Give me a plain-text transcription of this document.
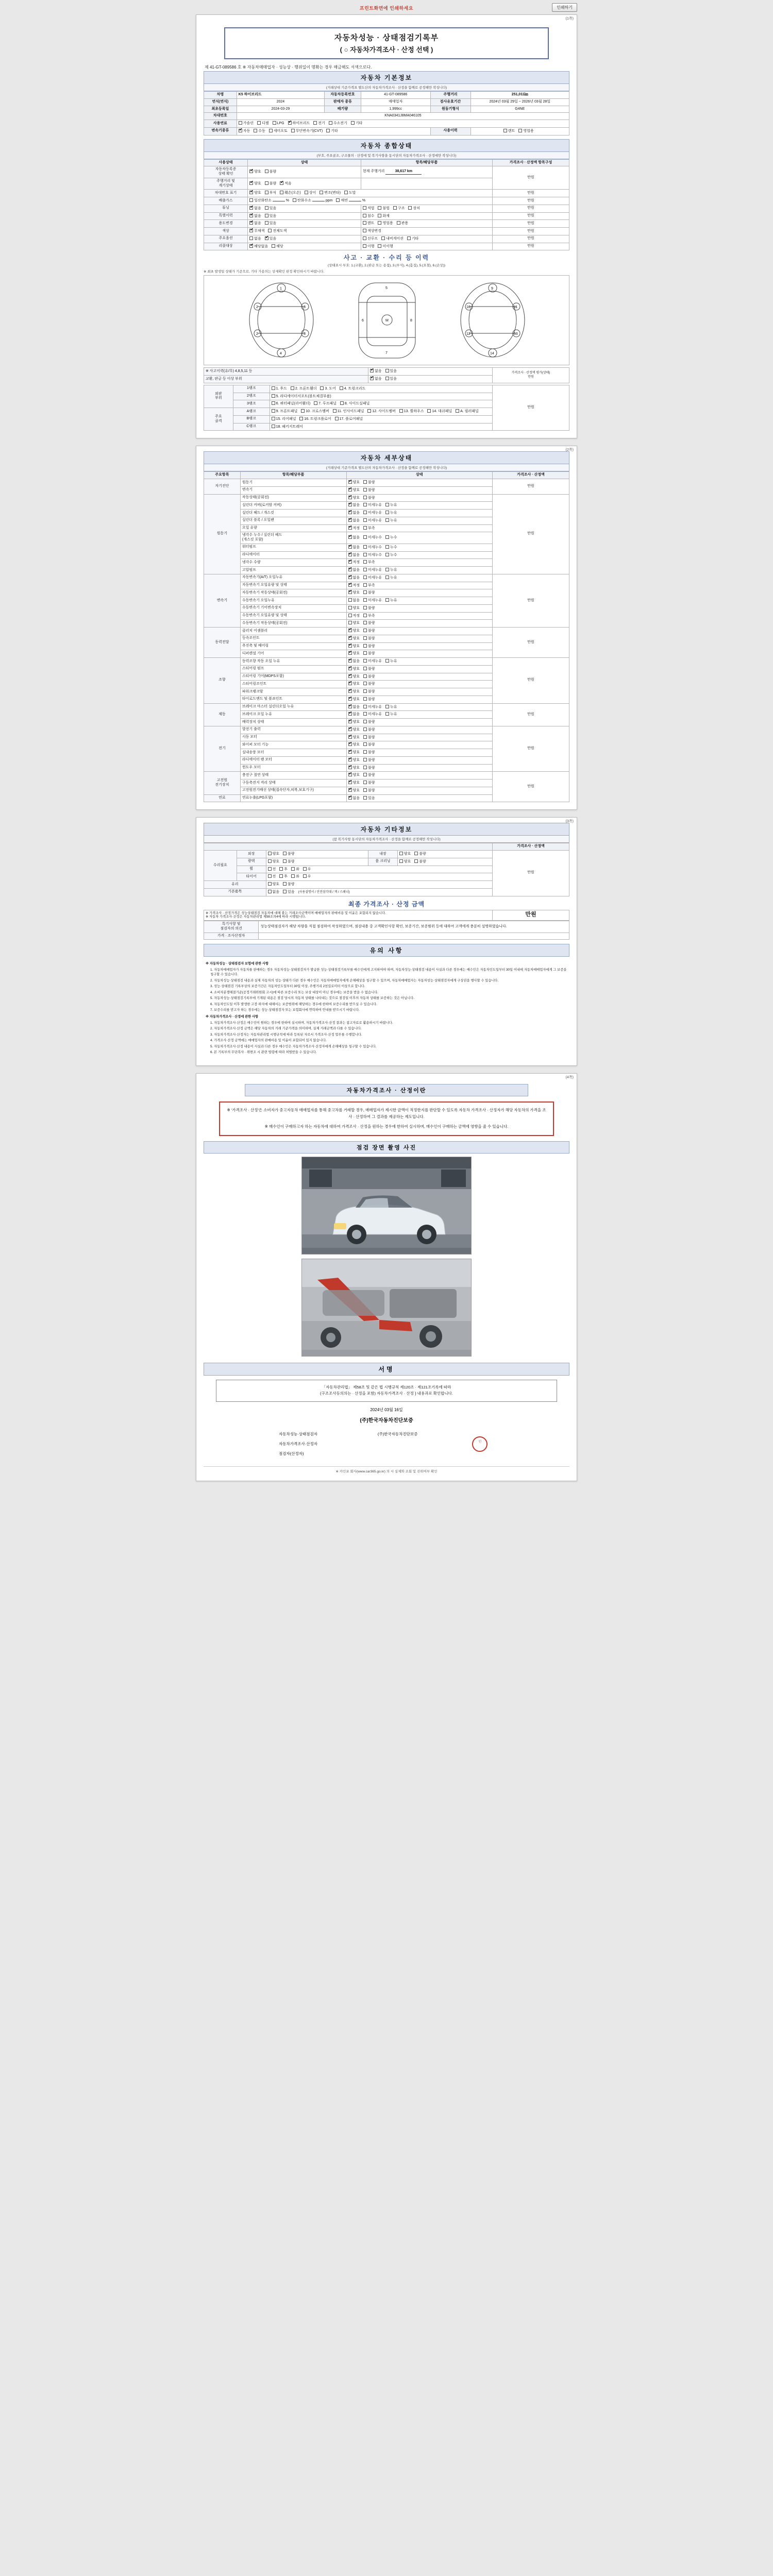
프린트화면에 인쇄하세요	인쇄하기
(1쪽)
자동차성능 · 상태점검기록부
( ○ 자동차가격조사 · 산정 선택 )
제 41-GT-089586 호 ※ 자동차매매업자 · 성능상 · 행위일이 명확는 경우 해금해도 서색으로다.
자동차 기본정보
(거래상대 기준가격표 별도산의 자동차가격조사 · 산정을 함께로 공정해만 작성니다)
차명	K5 하이브리드	자동차등록번호	41-GT-089586	주행거리	251,011㎞
연식(연식)	2024	판매자 종류	매매업자	검사유효기간	2024년 03월 29일 ~ 2026년 03월 28일
최초등록일	2024-03-29	배기량	1,999cc	원동기형식	G4NE
차대번호	KNA0341J8MA046105				
사용연료	가솔린 디젤 LPG ✔ 하이브리드 전기 수소전기 기타
변속기종류	✔자동 수동 세미오토 무단변속기(CVT) 기타			사용이력	렌트 영업용
자동차 종합상태
(부호, 주요골조, 구조물의 · 산정에 및 복기사항을 동시단의 자동차가격조사 · 산정에만 작성니다)
사용상태	상태	항목/해당부품	가격조사 · 산정액 항목구성
자동차등록증
상태 확인	✔양호 불량	현재 주행거리 38,617 km	만원
주행거리 및
계기상태	✔양호 불량 ✔ 적음	
차대번호 표기	✔양호 부식 훼손(오손) 상이 변조(변타) 도말		만원
배출가스	일산화탄소 % 탄화수소 ppm 매연 %		만원
튜닝	✔없음 있음	적법 불법 구조 장치	만원
특별이력	✔없음 있음	침수 화재	만원
용도변경	✔없음 있음	렌트 영업용 관용	만원
색상	✔무채색 전체도색	색상변경	만원
주요옵션	없음 ✔ 있음	선루프 내비게이션 기타	만원
리콜대상	✔해당없음 해당	이행 미이행	만원
사고 · 교환 · 수리 등 이력
(상태표시 부호: 1.(교환), 2.(판금 또는 용접), 3.(부식), 4.(흠집), 5.(요철), 6.(손상))
※ 최초 발생일 상태가 기준으로, 기타 가용의는 상세확인 판정 확인하시기 바랍니다.
1
2	3
2	3
4
M
5
7
6	8
9
10	11
12	13
14
※ 사고이력(유/무) 4,8,5,11 등	✔없음 있음	가격조사 · 산정액 평가(상태)
만원

교환, 판금 등 이상 부위	✔없음 있음
외판
부위	1랭크	1. 후드 2. 프론트휀더 3. 도어 4. 트렁크리드	만원
	2랭크	5. 라디에이터서포트(볼트체결부품)	
	3랭크	6. 쿼터패널(리어휀더) 7. 루프패널 8. 사이드실패널	
주요
골격	A랭크	9. 프론트패널 10. 크로스멤버 11. 인사이드패널 12. 사이드멤버 13. 휠하우스 14. 대쉬패널 A. 필러패널	
	B랭크	15. 리어패널 16. 트렁크플로어 17. 플로어패널	
	C랭크	18. 패키지트레이	
(2쪽)
자동차 세부상태
(거래상대 기준가격표 별도산의 자동차가격조사 · 산정을 함께로 공정해만 작성니다)
주요항목	항목/해당부품	상태	가격조사 · 산정액
자기진단	원동기	✔양호 불량	만원
	변속기	✔양호 불량
원동기	작동상태(공회전)	✔양호 불량	만원
	실린더 커버(로커암 커버)	✔없음 미세누유 누유
	실린더 헤드 / 개스킷	✔없음 미세누유 누유
	실린더 블록 / 오일팬	✔없음 미세누유 누유
	오일 유량	✔적정 부족
	냉각수 누수 / 실린더 헤드
(개스킷 포함)	✔없음 미세누수 누수
	워터펌프	✔없음 미세누수 누수
	라디에이터	✔없음 미세누수 누수
	냉각수 수량	✔적정 부족
	고압펌프	✔없음 미세누유 누유
변속기	자동변속기(A/T) 오일누유	✔없음 미세누유 누유	만원
	자동변속기 오일유량 및 상태	✔적정 부족
	자동변속기 작동상태(공회전)	✔양호 불량
	수동변속기 오일누유	없음 미세누유 누유	
	수동변속기 기어변속장치	양호 불량	
	수동변속기 오일유량 및 상태	적정 부족	
	수동변속기 작동상태(공회전)	양호 불량	
동력전달	클러치 어셈블리	✔양호 불량	만원
	등속조인트	✔양호 불량
	추진축 및 베어링	✔양호 불량
	디퍼렌셜 기어	✔양호 불량
조향	동력조향 작동 오일 누유	✔없음 미세누유 누유	만원
	스티어링 펌프	✔양호 불량
	스티어링 기어(MDPS포함)	✔양호 불량
	스티어링조인트	✔양호 불량
	파워크랭크암	✔양호 불량
	타이로드엔드 및 볼죠인트	✔양호 불량
제동	브레이크 마스터 실린더오일 누유	✔없음 미세누유 누유	만원
	브레이크 오일 누유	✔없음 미세누유 누유
	배력장치 상태	✔양호 불량
전기	발전기 출력	✔양호 불량	만원
	시동 모터	✔양호 불량
	와이퍼 모터 기능	✔양호 불량
	실내송풍 모터	✔양호 불량
	라디에이터 팬 모터	✔양호 불량
	윈도우 모터	✔양호 불량
고전원
전기장치	충전구 절연 상태	✔양호 불량	만원
	구동축전지 격리 상태	✔양호 불량
	고전원전기배선 상태(접속단자,피복,보호기구)	✔양호 불량
연료	연료누출(LPG포함)	✔없음 있음
(3쪽)
자동차 기타정보
(참 복기사항 동시단의 자동차가격조사 · 산정을 함께로 공정해만 작성니다)
					가격조사 · 산정액
수리필요	외장	양호 불량	내장	양호 불량	만원
	광택	양호 불량	룸 크리닝	양호 불량	
	휠	전 후 좌 우			
	타이어	전 후 좌 우			
유리		양호 불량			
기본품목		없음 있음 (사용설명서 / 안전삼각대 / 잭 / 스패너)			
최종 가격조사 · 산정 금액
※ 가격조사 · 산정가격은 성능상태점검 자동차에 대해 붙는 거래조사금액이며 매매업자의 판매비용 및 이윤은 포함되지 않습니다.
※ 자동차 가격조사·산정은 자동차관리법 제58조의4에 따라 시행됩니다.	만원
특기사항 및
점검자의 의견	성능상태점검자가 해당 차량을 직접 점검하여 작성하였으며, 점검내용 중 고객확인사항 확인, 보증기간, 보증범위 등에 대하여 고객에게 충분히 설명하였습니다.
가격 · 조사산정자	
유의 사항

※ 자동차성능 · 상태점검자 보험에 관한 사항

1. 자동차매매업자가 자동차를 판매하는 경우 자동차성능·상태점검자가 발급한 성능·상태점검기록부를 매수인에게 고지하여야 하며, 자동차성능·상태점검 내용이 사실과 다른 경우에는 매수인은 자동차인도일부터 30일 이내에 자동차매매업자에게 그 보증을 청구할 수 있습니다.

2. 자동차성능·상태점검 내용과 실제 자동차의 성능·상태가 다른 경우 매수인은 자동차매매업자에게 손해배상을 청구할 수 있으며, 자동차매매업자는 자동차성능·상태점검자에게 구상권을 행사할 수 있습니다.

3. 성능·상태점검 기록부상의 보증기간은 자동차인도일부터 30일 이상, 주행거리 2천킬로미터 이상으로 합니다.

4. 소비자분쟁해결기준(공정거래위원회 고시)에 따른 보증수리 또는 보상 대상이 아닌 경우에는 보증을 받을 수 없습니다.

5. 자동차성능·상태점검기록부에 기재된 내용은 점검 당시의 자동차 상태를 나타내는 것으로 점검일 이후의 자동차 상태를 보증하는 것은 아닙니다.

6. 자동차인도일 이후 발생한 고장·하자에 대해서는 보증범위에 해당하는 경우에 한하여 보증수리를 받으실 수 있습니다.

7. 보증수리를 받고자 하는 경우에는 성능·상태점검자 또는 보험회사에 연락하여 안내를 받으시기 바랍니다.

※ 자동차가격조사 · 산정에 관한 사항

1. 자동차가격조사·산정은 매수인이 원하는 경우에 한하여 실시하며, 자동차가격조사·산정 결과는 참고자료로 활용하시기 바랍니다.

2. 자동차가격조사·산정 금액은 해당 자동차의 거래 기준가격을 의미하며, 실제 거래금액과 다를 수 있습니다.

3. 자동차가격조사·산정자는 자동차관리법 시행규칙에 따라 등록된 자로서 가격조사·산정 업무를 수행합니다.

4. 가격조사·산정 금액에는 매매업자의 판매비용 및 이윤이 포함되어 있지 않습니다.

5. 자동차가격조사·산정 내용이 사실과 다른 경우 매수인은 자동차가격조사·산정자에게 손해배상을 청구할 수 있습니다.

6. 본 기록부의 무단복사 · 위변조 시 관련 법령에 따라 처벌받을 수 있습니다.

(4쪽)
자동차가격조사 · 산정이란
※ '가격조사 · 산정'은 소비자가 중고자동차 매매업자를 통해 중고차를 거래할 경우, 매매업자가 제시한 금액이 적정한지를 판단할 수 있도록 자동차 가격조사 · 산정자가 해당 자동차의 가격을 조사 · 산정하여 그 결과를 제공하는 제도입니다.
※ 매수인이 구매하고자 하는 자동차에 대하여 가격조사 · 산정을 원하는 경우에 한하여 실시하며, 매수인이 구매하는 금액에 영향을 줄 수 있습니다.
점검 장면 촬영 사진
서명
「자동차관리법」 제58조 및 같은 법 시행규칙 제120조 · 제121조기록에 따라
(구조조사등의의는 · 산정을 포함) 자동차가격조사 · 산정 } 내용과로 확인합니다.
2024년 03월 16일
(주)한국자동차진단보증
자동차성능·상태점검자	(주)한국자동차진단보증	인
자동차가격조사·산정자		
점검자(산정자)		
※ 카인포 회사(www.car365.go.kr) 의 시 실제와 조회 및 진위여부 확인
